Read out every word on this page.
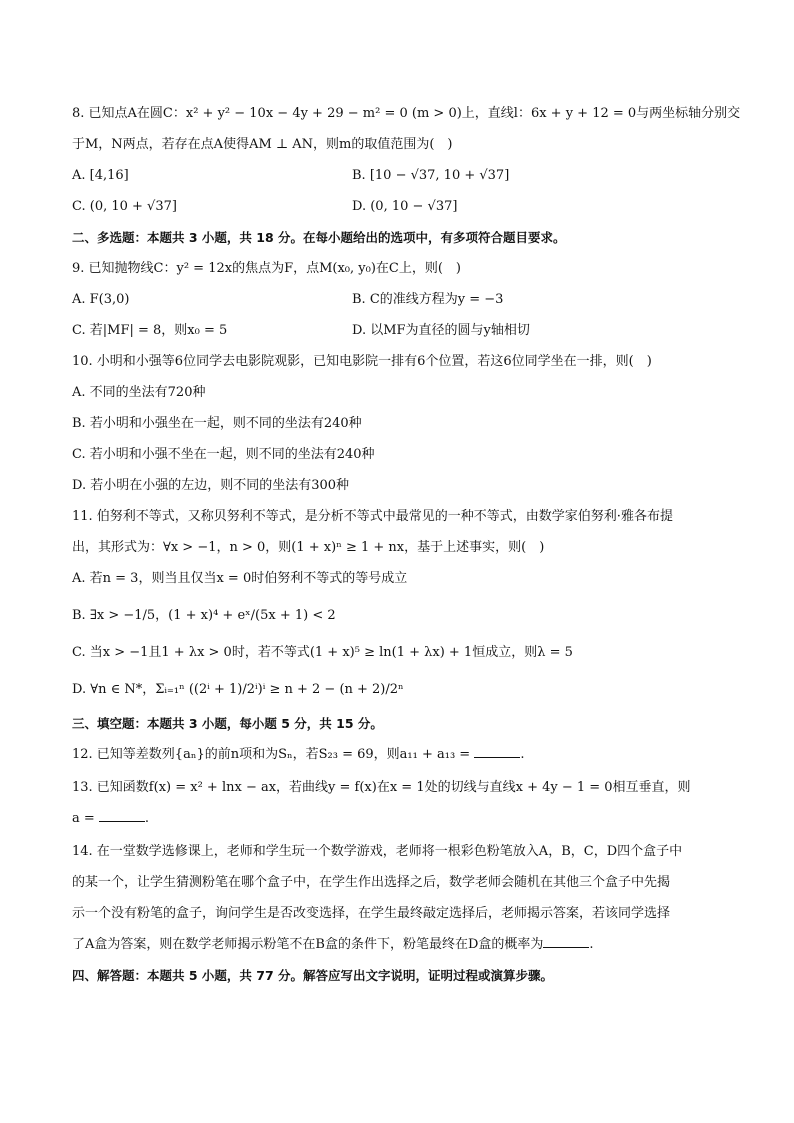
8. 已知点A在圆C：x² + y² − 10x − 4y + 29 − m² = 0 (m > 0)上，直线l：6x + y + 12 = 0与两坐标轴分别交
于M，N两点，若存在点A使得AM ⊥ AN，则m的取值范围为(　)
A. [4,16]	B. [10 − √37, 10 + √37]
C. (0, 10 + √37]	D. (0, 10 − √37]
二、多选题：本题共 3 小题，共 18 分。在每小题给出的选项中，有多项符合题目要求。
9. 已知抛物线C：y² = 12x的焦点为F，点M(x₀, y₀)在C上，则(　)
A. F(3,0)	B. C的准线方程为y = −3
C. 若|MF| = 8，则x₀ = 5	D. 以MF为直径的圆与y轴相切
10. 小明和小强等6位同学去电影院观影，已知电影院一排有6个位置，若这6位同学坐在一排，则(　)
A. 不同的坐法有720种
B. 若小明和小强坐在一起，则不同的坐法有240种
C. 若小明和小强不坐在一起，则不同的坐法有240种
D. 若小明在小强的左边，则不同的坐法有300种
11. 伯努利不等式，又称贝努利不等式，是分析不等式中最常见的一种不等式，由数学家伯努利·雅各布提
出，其形式为：∀x > −1，n > 0，则(1 + x)ⁿ ≥ 1 + nx，基于上述事实，则(　)
A. 若n = 3，则当且仅当x = 0时伯努利不等式的等号成立
B. ∃x > −1/5，(1 + x)⁴ + eˣ/(5x + 1) < 2
C. 当x > −1且1 + λx > 0时，若不等式(1 + x)⁵ ≥ ln(1 + λx) + 1恒成立，则λ = 5
D. ∀n ∈ N*，Σᵢ₌₁ⁿ ((2ⁱ + 1)/2ⁱ)ⁱ ≥ n + 2 − (n + 2)/2ⁿ
三、填空题：本题共 3 小题，每小题 5 分，共 15 分。
12. 已知等差数列{aₙ}的前n项和为Sₙ，若S₂₃ = 69，则a₁₁ + a₁₃ =	.
13. 已知函数f(x) = x² + lnx − ax，若曲线y = f(x)在x = 1处的切线与直线x + 4y − 1 = 0相互垂直，则
a =	.
14. 在一堂数学选修课上，老师和学生玩一个数学游戏，老师将一根彩色粉笔放入A，B，C，D四个盒子中
的某一个，让学生猜测粉笔在哪个盒子中，在学生作出选择之后，数学老师会随机在其他三个盒子中先揭
示一个没有粉笔的盒子，询问学生是否改变选择，在学生最终敲定选择后，老师揭示答案，若该同学选择
了A盒为答案，则在数学老师揭示粉笔不在B盒的条件下，粉笔最终在D盒的概率为	.
四、解答题：本题共 5 小题，共 77 分。解答应写出文字说明，证明过程或演算步骤。
